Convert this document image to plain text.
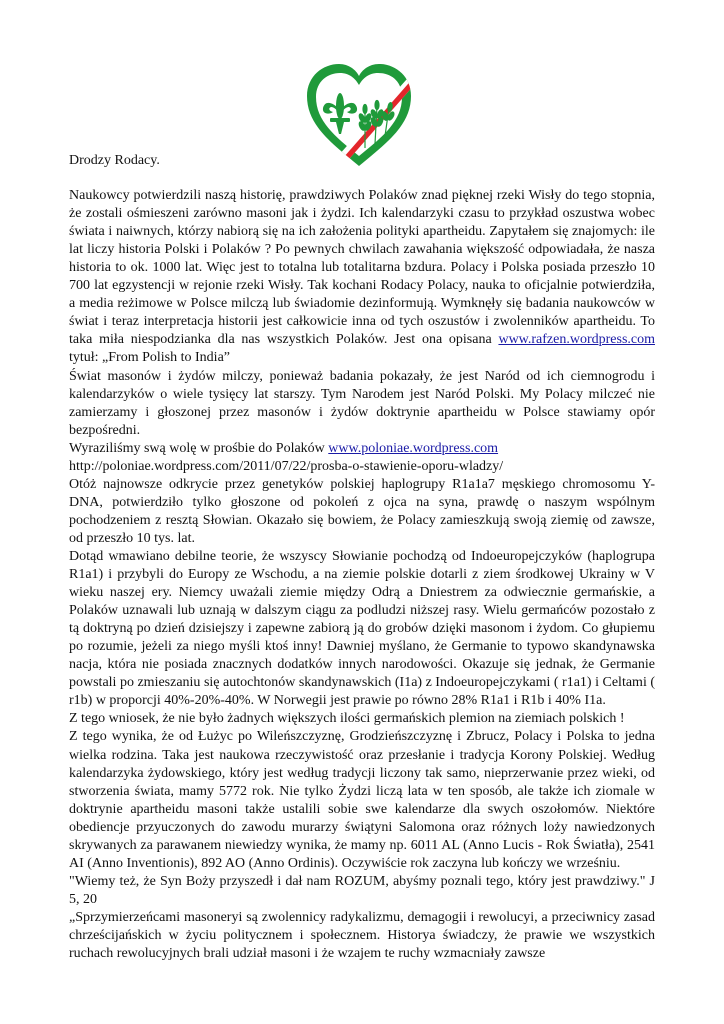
Drodzy Rodacy.

Naukowcy potwierdzili naszą historię, prawdziwych Polaków znad pięknej rzeki Wisły do tego stopnia, że zostali ośmieszeni zarówno masoni jak i żydzi. Ich kalendarzyki czasu to przykład oszustwa wobec świata i naiwnych, którzy nabiorą się na ich założenia polityki apartheidu. Zapytałem się znajomych: ile lat liczy historia Polski i Polaków ? Po pewnych chwilach zawahania większość odpowiadała, że nasza historia to ok. 1000 lat. Więc jest to totalna lub totalitarna bzdura. Polacy i Polska posiada przeszło 10 700 lat egzystencji w rejonie rzeki Wisły. Tak kochani Rodacy Polacy, nauka to oficjalnie potwierdziła, a media reżimowe w Polsce milczą lub świadomie dezinformują. Wymknęły się badania naukowców w świat i teraz interpretacja historii jest całkowicie inna od tych oszustów i zwolenników apartheidu. To taka miła niespodzianka dla nas wszystkich Polaków. Jest ona opisana www.rafzen.wordpress.com tytuł: „From Polish to India”

Świat masonów i żydów milczy, ponieważ badania pokazały, że jest Naród od ich ciemnogrodu i kalendarzyków o wiele tysięcy lat starszy. Tym Narodem jest Naród Polski. My Polacy milczeć nie zamierzamy i głoszonej przez masonów i żydów doktrynie apartheidu w Polsce stawiamy opór bezpośredni.

Wyraziliśmy swą wolę w prośbie do Polaków www.poloniae.wordpress.com

http://poloniae.wordpress.com/2011/07/22/prosba-o-stawienie-oporu-wladzy/

Otóż najnowsze odkrycie przez genetyków polskiej haplogrupy R1a1a7 męskiego chromosomu Y-DNA, potwierdziło tylko głoszone od pokoleń z ojca na syna, prawdę o naszym wspólnym pochodzeniem z resztą Słowian. Okazało się bowiem, że Polacy zamieszkują swoją ziemię od zawsze, od przeszło 10 tys. lat.

Dotąd wmawiano debilne teorie, że wszyscy Słowianie pochodzą od Indoeuropejczyków (haplogrupa R1a1) i przybyli do Europy ze Wschodu, a na ziemie polskie dotarli z ziem środkowej Ukrainy w V wieku naszej ery. Niemcy uważali ziemie między Odrą a Dniestrem za odwiecznie germańskie, a Polaków uznawali lub uznają w dalszym ciągu za podludzi niższej rasy. Wielu germańców pozostało z tą doktryną po dzień dzisiejszy i zapewne zabiorą ją do grobów dzięki masonom i żydom. Co głupiemu po rozumie, jeżeli za niego myśli ktoś inny! Dawniej myślano, że Germanie to typowo skandynawska nacja, która nie posiada znacznych dodatków innych narodowości. Okazuje się jednak, że Germanie powstali po zmieszaniu się autochtonów skandynawskich (I1a) z Indoeuropejczykami ( r1a1) i Celtami ( r1b) w proporcji 40%-20%-40%. W Norwegii jest prawie po równo 28% R1a1 i R1b i 40% I1a.

Z tego wniosek, że nie było żadnych większych ilości germańskich plemion na ziemiach polskich !

Z tego wynika, że od Łużyc po Wileńszczyznę, Grodzieńszczyznę i Zbrucz, Polacy i Polska to jedna wielka rodzina. Taka jest naukowa rzeczywistość oraz przesłanie i tradycja Korony Polskiej. Według kalendarzyka żydowskiego, który jest według tradycji liczony tak samo, nieprzerwanie przez wieki, od stworzenia świata, mamy 5772 rok. Nie tylko Żydzi liczą lata w ten sposób, ale także ich ziomale w doktrynie apartheidu masoni także ustalili sobie swe kalendarze dla swych oszołomów. Niektóre obediencje przyuczonych do zawodu murarzy świątyni Salomona oraz różnych loży nawiedzonych skrywanych za parawanem niewiedzy wynika, że mamy np. 6011 AL (Anno Lucis - Rok Światła), 2541 AI (Anno Inventionis), 892 AO (Anno Ordinis). Oczywiście rok zaczyna lub kończy we wrześniu.

"Wiemy też, że Syn Boży przyszedł i dał nam ROZUM, abyśmy poznali tego, który jest prawdziwy." J 5, 20

„Sprzymierzeńcami masoneryi są zwolennicy radykalizmu, demagogii i rewolucyi, a przeciwnicy zasad chrześcijańskich w życiu politycznem i społecznem. Historya świadczy, że prawie we wszystkich ruchach rewolucyjnych brali udział masoni i że wzajem te ruchy wzmacniały zawsze
